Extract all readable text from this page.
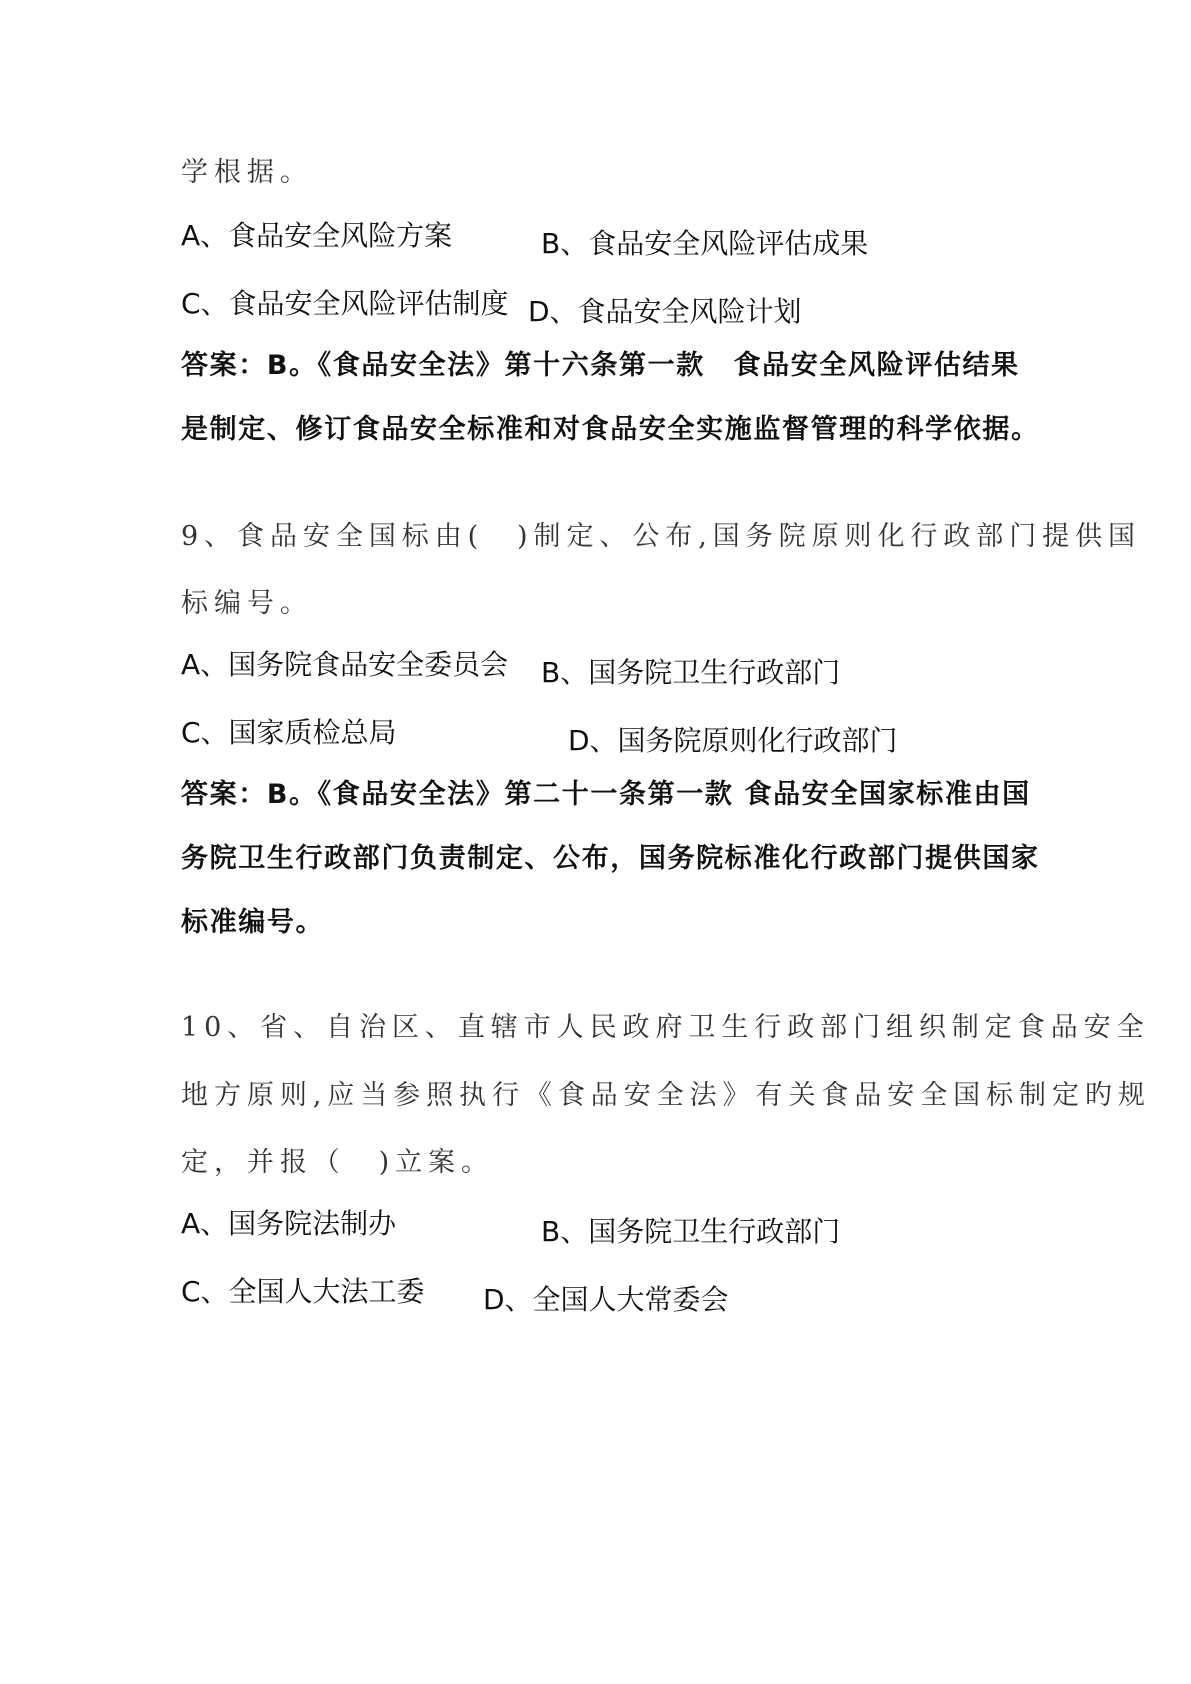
学根据。
A、食品安全风险方案	B、食品安全风险评估成果
C、食品安全风险评估制度 D、食品安全风险计划
答案：B。《食品安全法》第十六条第一款　食品安全风险评估结果
是制定、修订食品安全标准和对食品安全实施监督管理的科学依据。
9、食品安全国标由(　)制定、公布,国务院原则化行政部门提供国
标编号。
A、国务院食品安全委员会 B、国务院卫生行政部门
C、国家质检总局	D、国务院原则化行政部门
答案：B。《食品安全法》第二十一条第一款 食品安全国家标准由国
务院卫生行政部门负责制定、公布，国务院标准化行政部门提供国家
标准编号。
10、省、自治区、直辖市人民政府卫生行政部门组织制定食品安全
地方原则,应当参照执行《食品安全法》有关食品安全国标制定旳规
定，并报（　)立案。
A、国务院法制办	B、国务院卫生行政部门
C、全国人大法工委 D、全国人大常委会
